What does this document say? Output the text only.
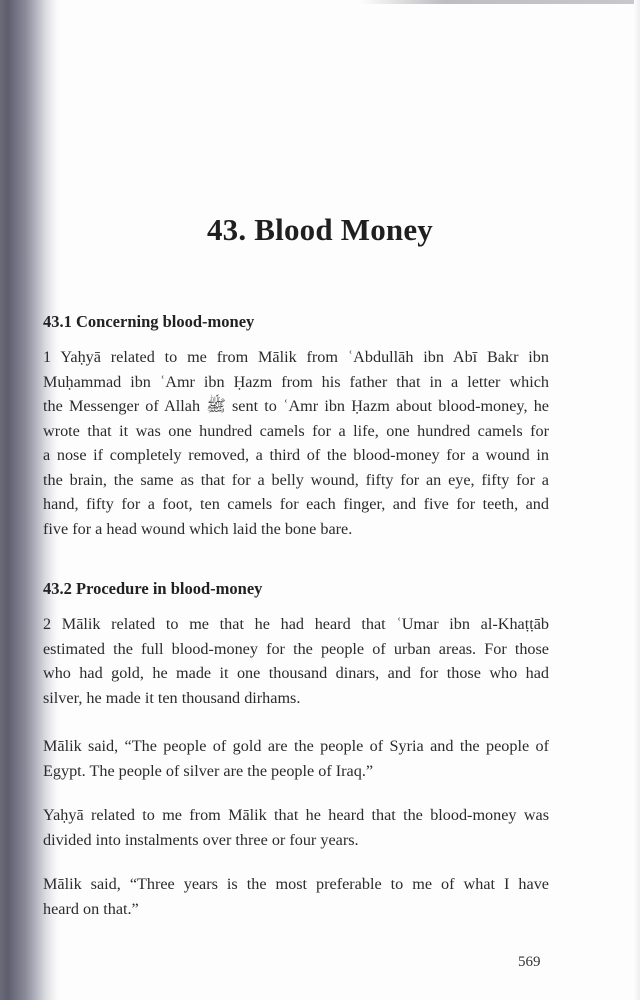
43. Blood Money
43.1 Concerning blood-money
1 Yaḥyā related to me from Mālik from ʿAbdullāh ibn Abī Bakr ibn
Muḥammad ibn ʿAmr ibn Ḥazm from his father that in a letter which
the Messenger of Allah ﷺ sent to ʿAmr ibn Ḥazm about blood-money, he
wrote that it was one hundred camels for a life, one hundred camels for
a nose if completely removed, a third of the blood-money for a wound in
the brain, the same as that for a belly wound, fifty for an eye, fifty for a
hand, fifty for a foot, ten camels for each finger, and five for teeth, and
five for a head wound which laid the bone bare.
43.2 Procedure in blood-money
2 Mālik related to me that he had heard that ʿUmar ibn al-Khaṭṭāb
estimated the full blood-money for the people of urban areas. For those
who had gold, he made it one thousand dinars, and for those who had
silver, he made it ten thousand dirhams.
Mālik said, “The people of gold are the people of Syria and the people of
Egypt. The people of silver are the people of Iraq.”
Yaḥyā related to me from Mālik that he heard that the blood-money was
divided into instalments over three or four years.
Mālik said, “Three years is the most preferable to me of what I have
heard on that.”
569
